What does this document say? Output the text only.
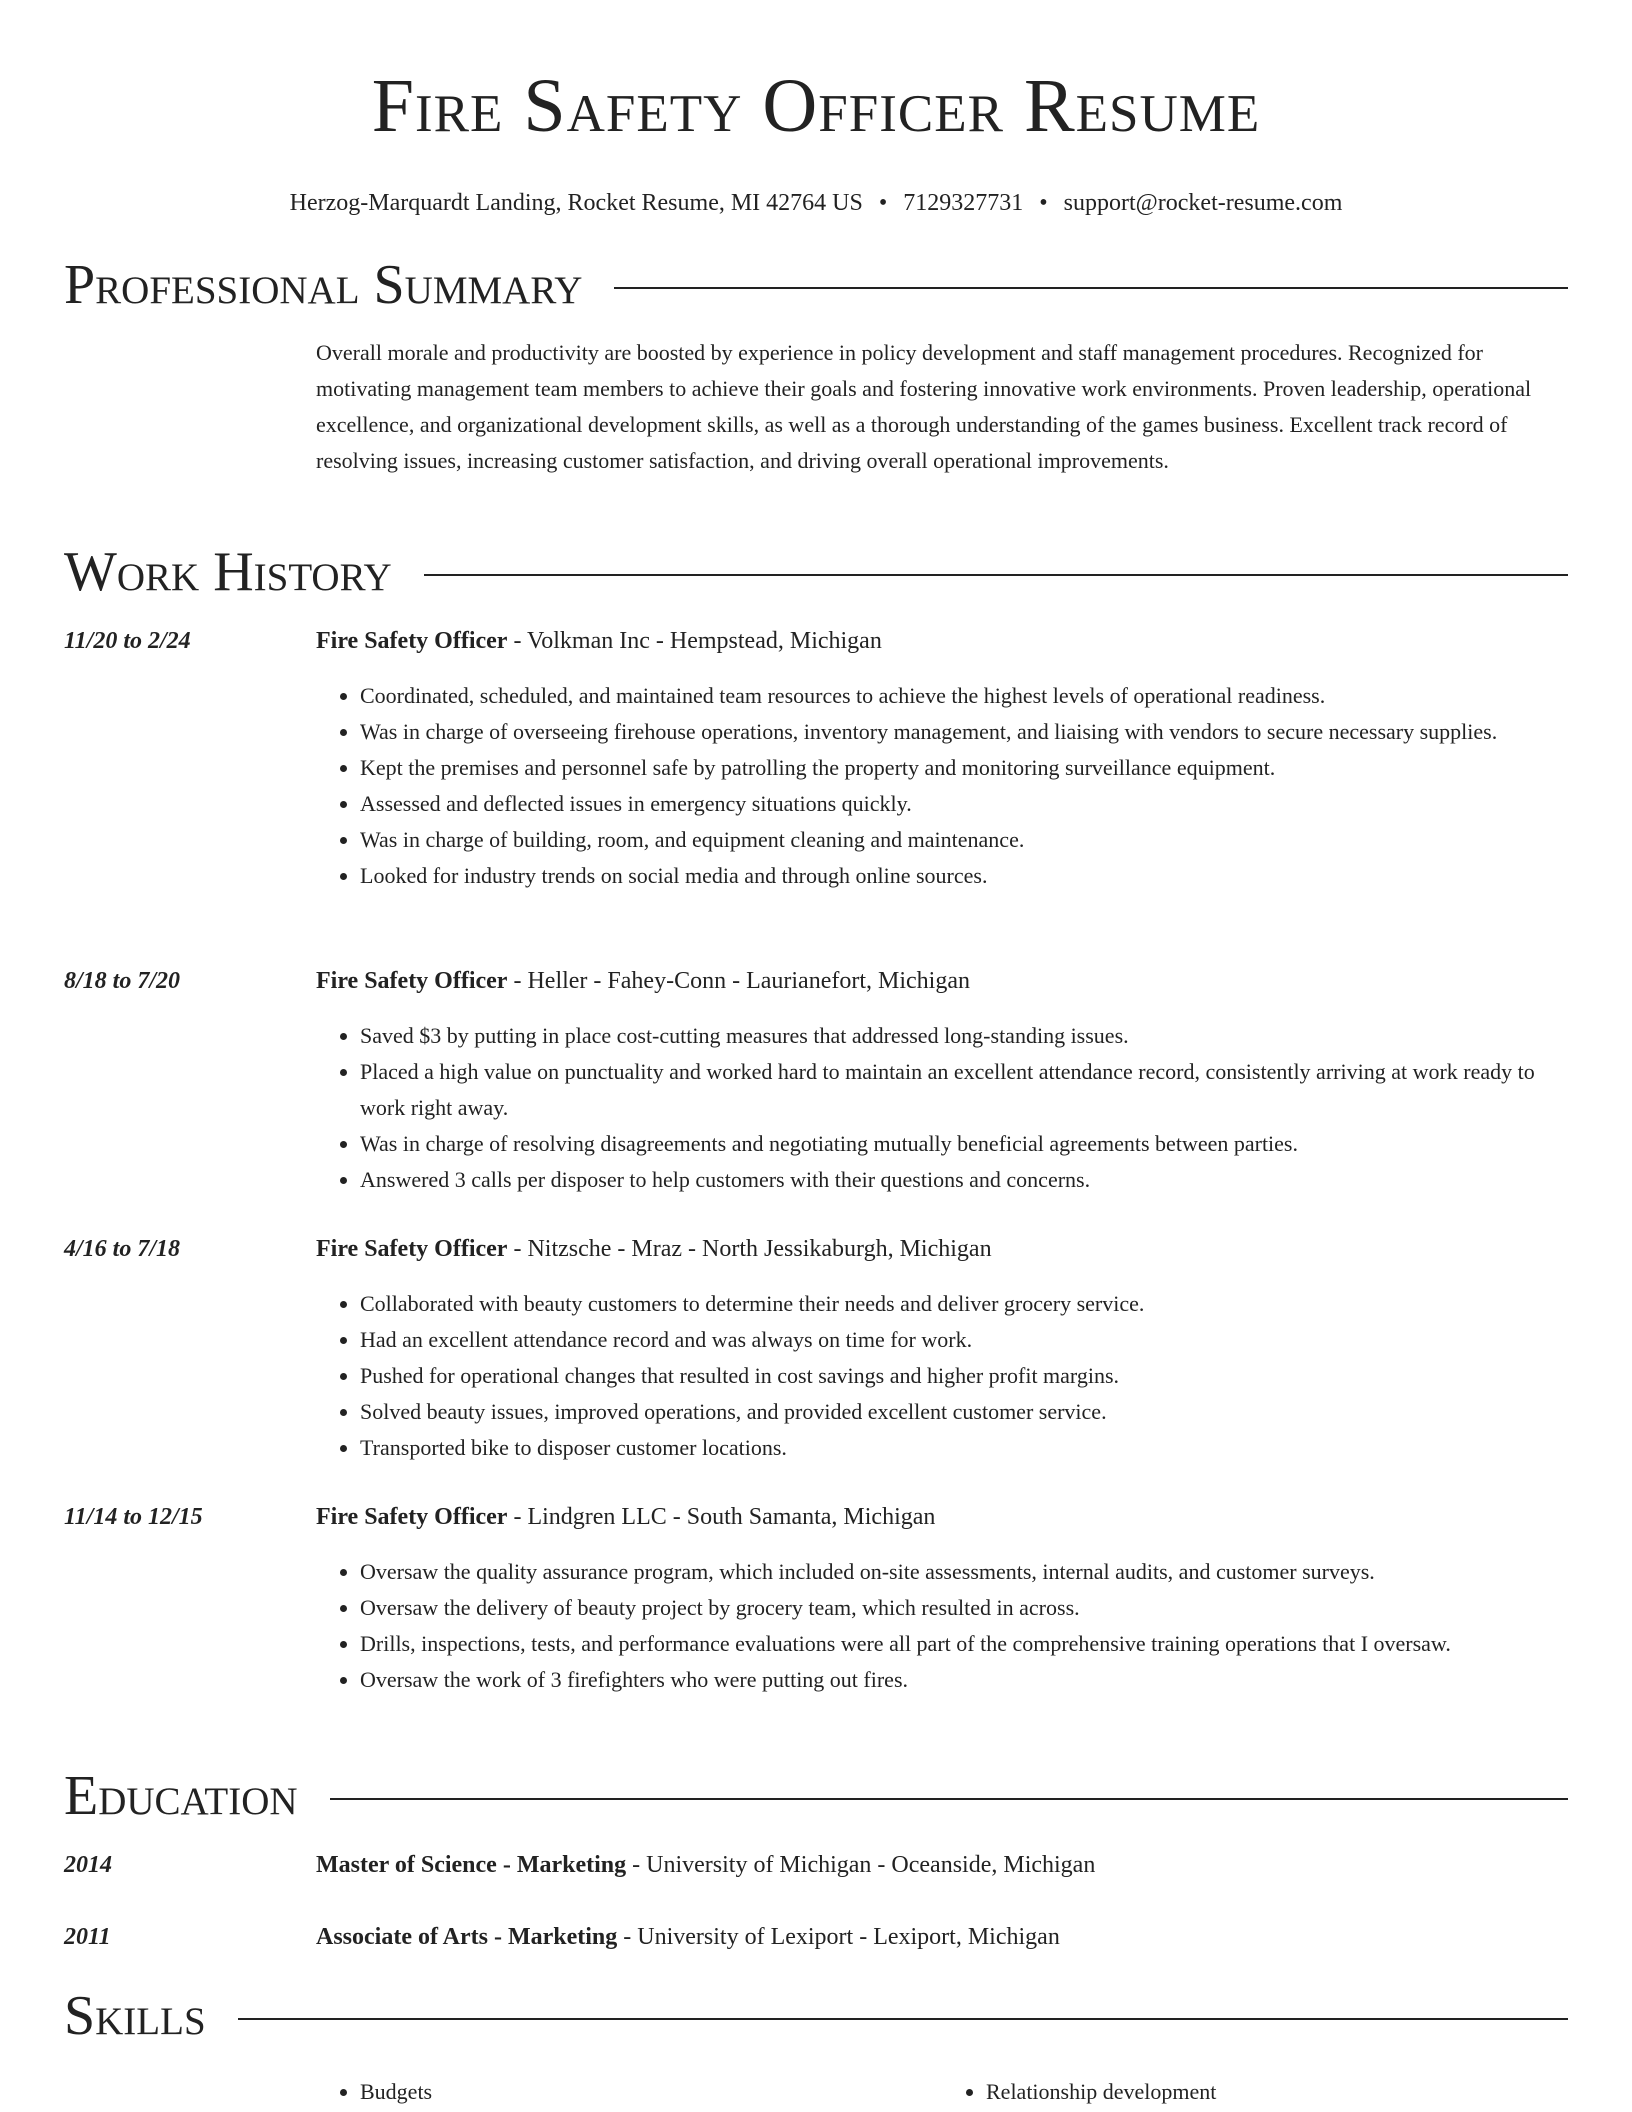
Fire Safety Officer Resume
Herzog-Marquardt Landing, Rocket Resume, MI 42764 US • 7129327731 • support@rocket-resume.com
Professional Summary
Overall morale and productivity are boosted by experience in policy development and staff management procedures. Recognized for motivating management team members to achieve their goals and fostering innovative work environments. Proven leadership, operational excellence, and organizational development skills, as well as a thorough understanding of the games business. Excellent track record of resolving issues, increasing customer satisfaction, and driving overall operational improvements.
Work History
11/20 to 2/24	Fire Safety Officer - Volkman Inc - Hempstead, Michigan
• Coordinated, scheduled, and maintained team resources to achieve the highest levels of operational readiness.
• Was in charge of overseeing firehouse operations, inventory management, and liaising with vendors to secure necessary supplies.
• Kept the premises and personnel safe by patrolling the property and monitoring surveillance equipment.
• Assessed and deflected issues in emergency situations quickly.
• Was in charge of building, room, and equipment cleaning and maintenance.
• Looked for industry trends on social media and through online sources.
8/18 to 7/20	Fire Safety Officer - Heller - Fahey-Conn - Laurianefort, Michigan
• Saved $3 by putting in place cost-cutting measures that addressed long-standing issues.
• Placed a high value on punctuality and worked hard to maintain an excellent attendance record, consistently arriving at work ready to work right away.
• Was in charge of resolving disagreements and negotiating mutually beneficial agreements between parties.
• Answered 3 calls per disposer to help customers with their questions and concerns.
4/16 to 7/18	Fire Safety Officer - Nitzsche - Mraz - North Jessikaburgh, Michigan
• Collaborated with beauty customers to determine their needs and deliver grocery service.
• Had an excellent attendance record and was always on time for work.
• Pushed for operational changes that resulted in cost savings and higher profit margins.
• Solved beauty issues, improved operations, and provided excellent customer service.
• Transported bike to disposer customer locations.
11/14 to 12/15	Fire Safety Officer - Lindgren LLC - South Samanta, Michigan
• Oversaw the quality assurance program, which included on-site assessments, internal audits, and customer surveys.
• Oversaw the delivery of beauty project by grocery team, which resulted in across.
• Drills, inspections, tests, and performance evaluations were all part of the comprehensive training operations that I oversaw.
• Oversaw the work of 3 firefighters who were putting out fires.
Education
2014	Master of Science - Marketing - University of Michigan - Oceanside, Michigan
2011	Associate of Arts - Marketing - University of Lexiport - Lexiport, Michigan
Skills
• Budgets
•	Relationship development
